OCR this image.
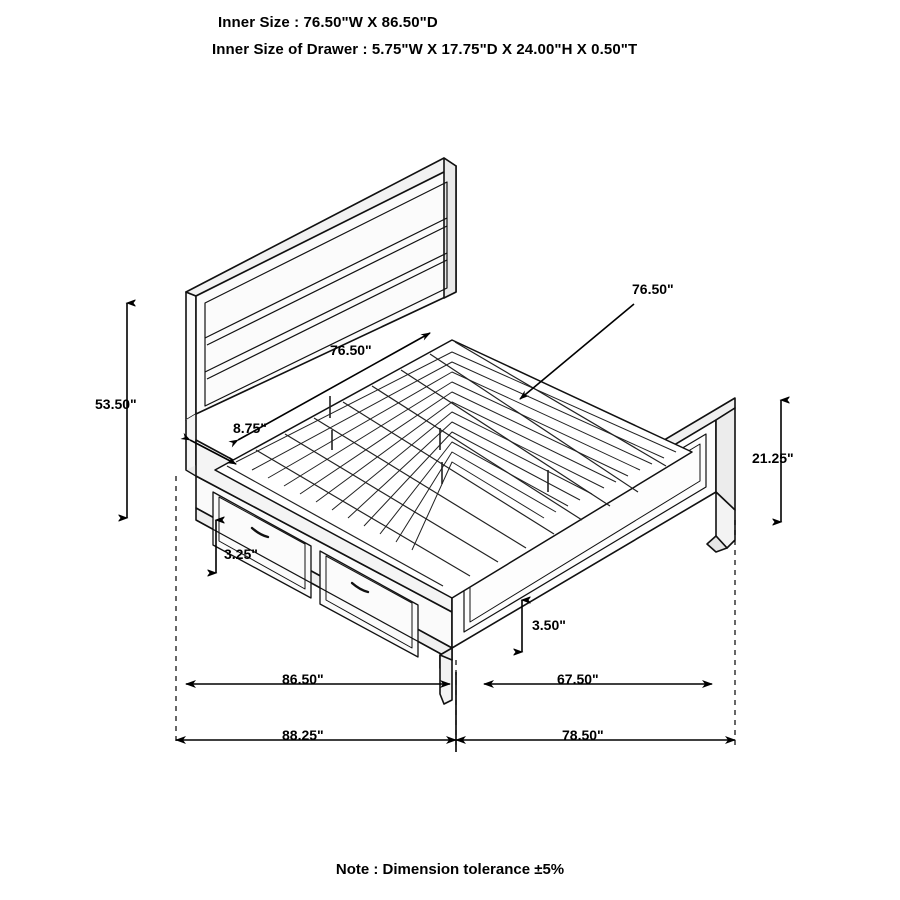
Inner Size : 76.50"W X 86.50"D
Inner Size of Drawer : 5.75"W X 17.75"D X 24.00"H X 0.50"T
53.50"
76.50"
76.50"
8.75"
3.25"
21.25"
3.50"
86.50"	67.50"
88.25"	78.50"
Note : Dimension tolerance ±5%
